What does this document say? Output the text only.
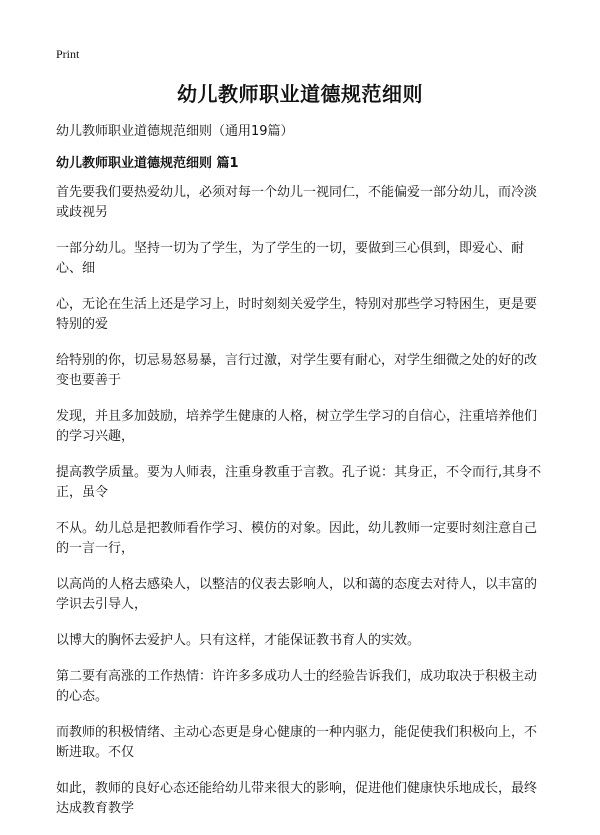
Print
幼儿教师职业道德规范细则

幼儿教师职业道德规范细则（通用19篇）

幼儿教师职业道德规范细则 篇1

首先要我们要热爱幼儿，必须对每一个幼儿一视同仁，不能偏爱一部分幼儿，而冷淡或歧视另

一部分幼儿。坚持一切为了学生，为了学生的一切，要做到三心俱到，即爱心、耐心、细

心，无论在生活上还是学习上，时时刻刻关爱学生，特别对那些学习特困生，更是要特别的爱

给特别的你，切忌易怒易暴，言行过激，对学生要有耐心，对学生细微之处的好的改变也要善于

发现，并且多加鼓励，培养学生健康的人格，树立学生学习的自信心，注重培养他们的学习兴趣，

提高教学质量。要为人师表，注重身教重于言教。孔子说：其身正，不令而行,其身不正，虽令

不从。幼儿总是把教师看作学习、模仿的对象。因此，幼儿教师一定要时刻注意自己的一言一行，

以高尚的人格去感染人，以整洁的仪表去影响人，以和蔼的态度去对待人，以丰富的学识去引导人，

以博大的胸怀去爱护人。只有这样，才能保证教书育人的实效。

第二要有高涨的工作热情：许许多多成功人士的经验告诉我们，成功取决于积极主动的心态。

而教师的积极情绪、主动心态更是身心健康的一种内驱力，能促使我们积极向上，不断进取。不仅

如此，教师的良好心态还能给幼儿带来很大的影响，促进他们健康快乐地成长，最终达成教育教学
